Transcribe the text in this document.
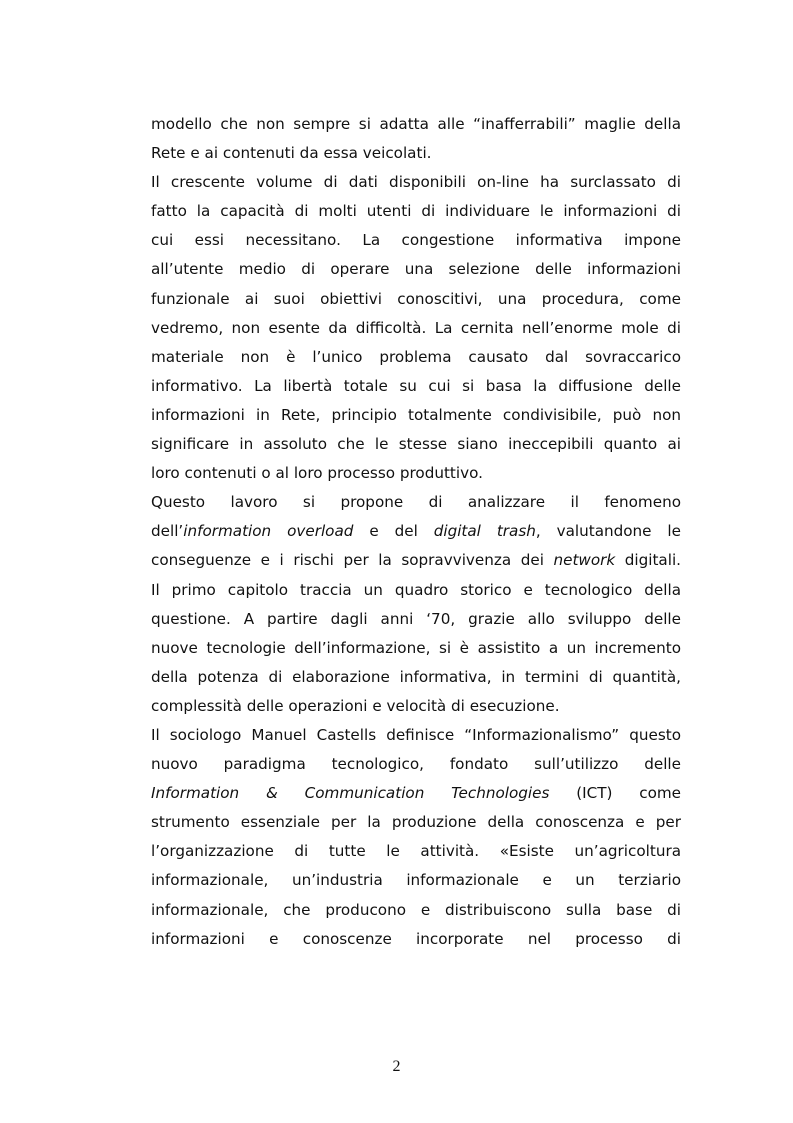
modello che non sempre si adatta alle “inafferrabili” maglie della
Rete e ai contenuti da essa veicolati.
Il crescente volume di dati disponibili on-line ha surclassato di
fatto la capacità di molti utenti di individuare le informazioni di
cui essi necessitano. La congestione informativa impone
all’utente medio di operare una selezione delle informazioni
funzionale ai suoi obiettivi conoscitivi, una procedura, come
vedremo, non esente da difficoltà. La cernita nell’enorme mole di
materiale non è l’unico problema causato dal sovraccarico
informativo. La libertà totale su cui si basa la diffusione delle
informazioni in Rete, principio totalmente condivisibile, può non
significare in assoluto che le stesse siano ineccepibili quanto ai
loro contenuti o al loro processo produttivo.
Questo lavoro si propone di analizzare il fenomeno
dell’information overload e del digital trash, valutandone le
conseguenze e i rischi per la sopravvivenza dei network digitali.
Il primo capitolo traccia un quadro storico e tecnologico della
questione. A partire dagli anni ‘70, grazie allo sviluppo delle
nuove tecnologie dell’informazione, si è assistito a un incremento
della potenza di elaborazione informativa, in termini di quantità,
complessità delle operazioni e velocità di esecuzione.
Il sociologo Manuel Castells definisce “Informazionalismo” questo
nuovo paradigma tecnologico, fondato sull’utilizzo delle
Information & Communication Technologies (ICT) come
strumento essenziale per la produzione della conoscenza e per
l’organizzazione di tutte le attività. «Esiste un’agricoltura
informazionale, un’industria informazionale e un terziario
informazionale, che producono e distribuiscono sulla base di
informazioni e conoscenze incorporate nel processo di
2
